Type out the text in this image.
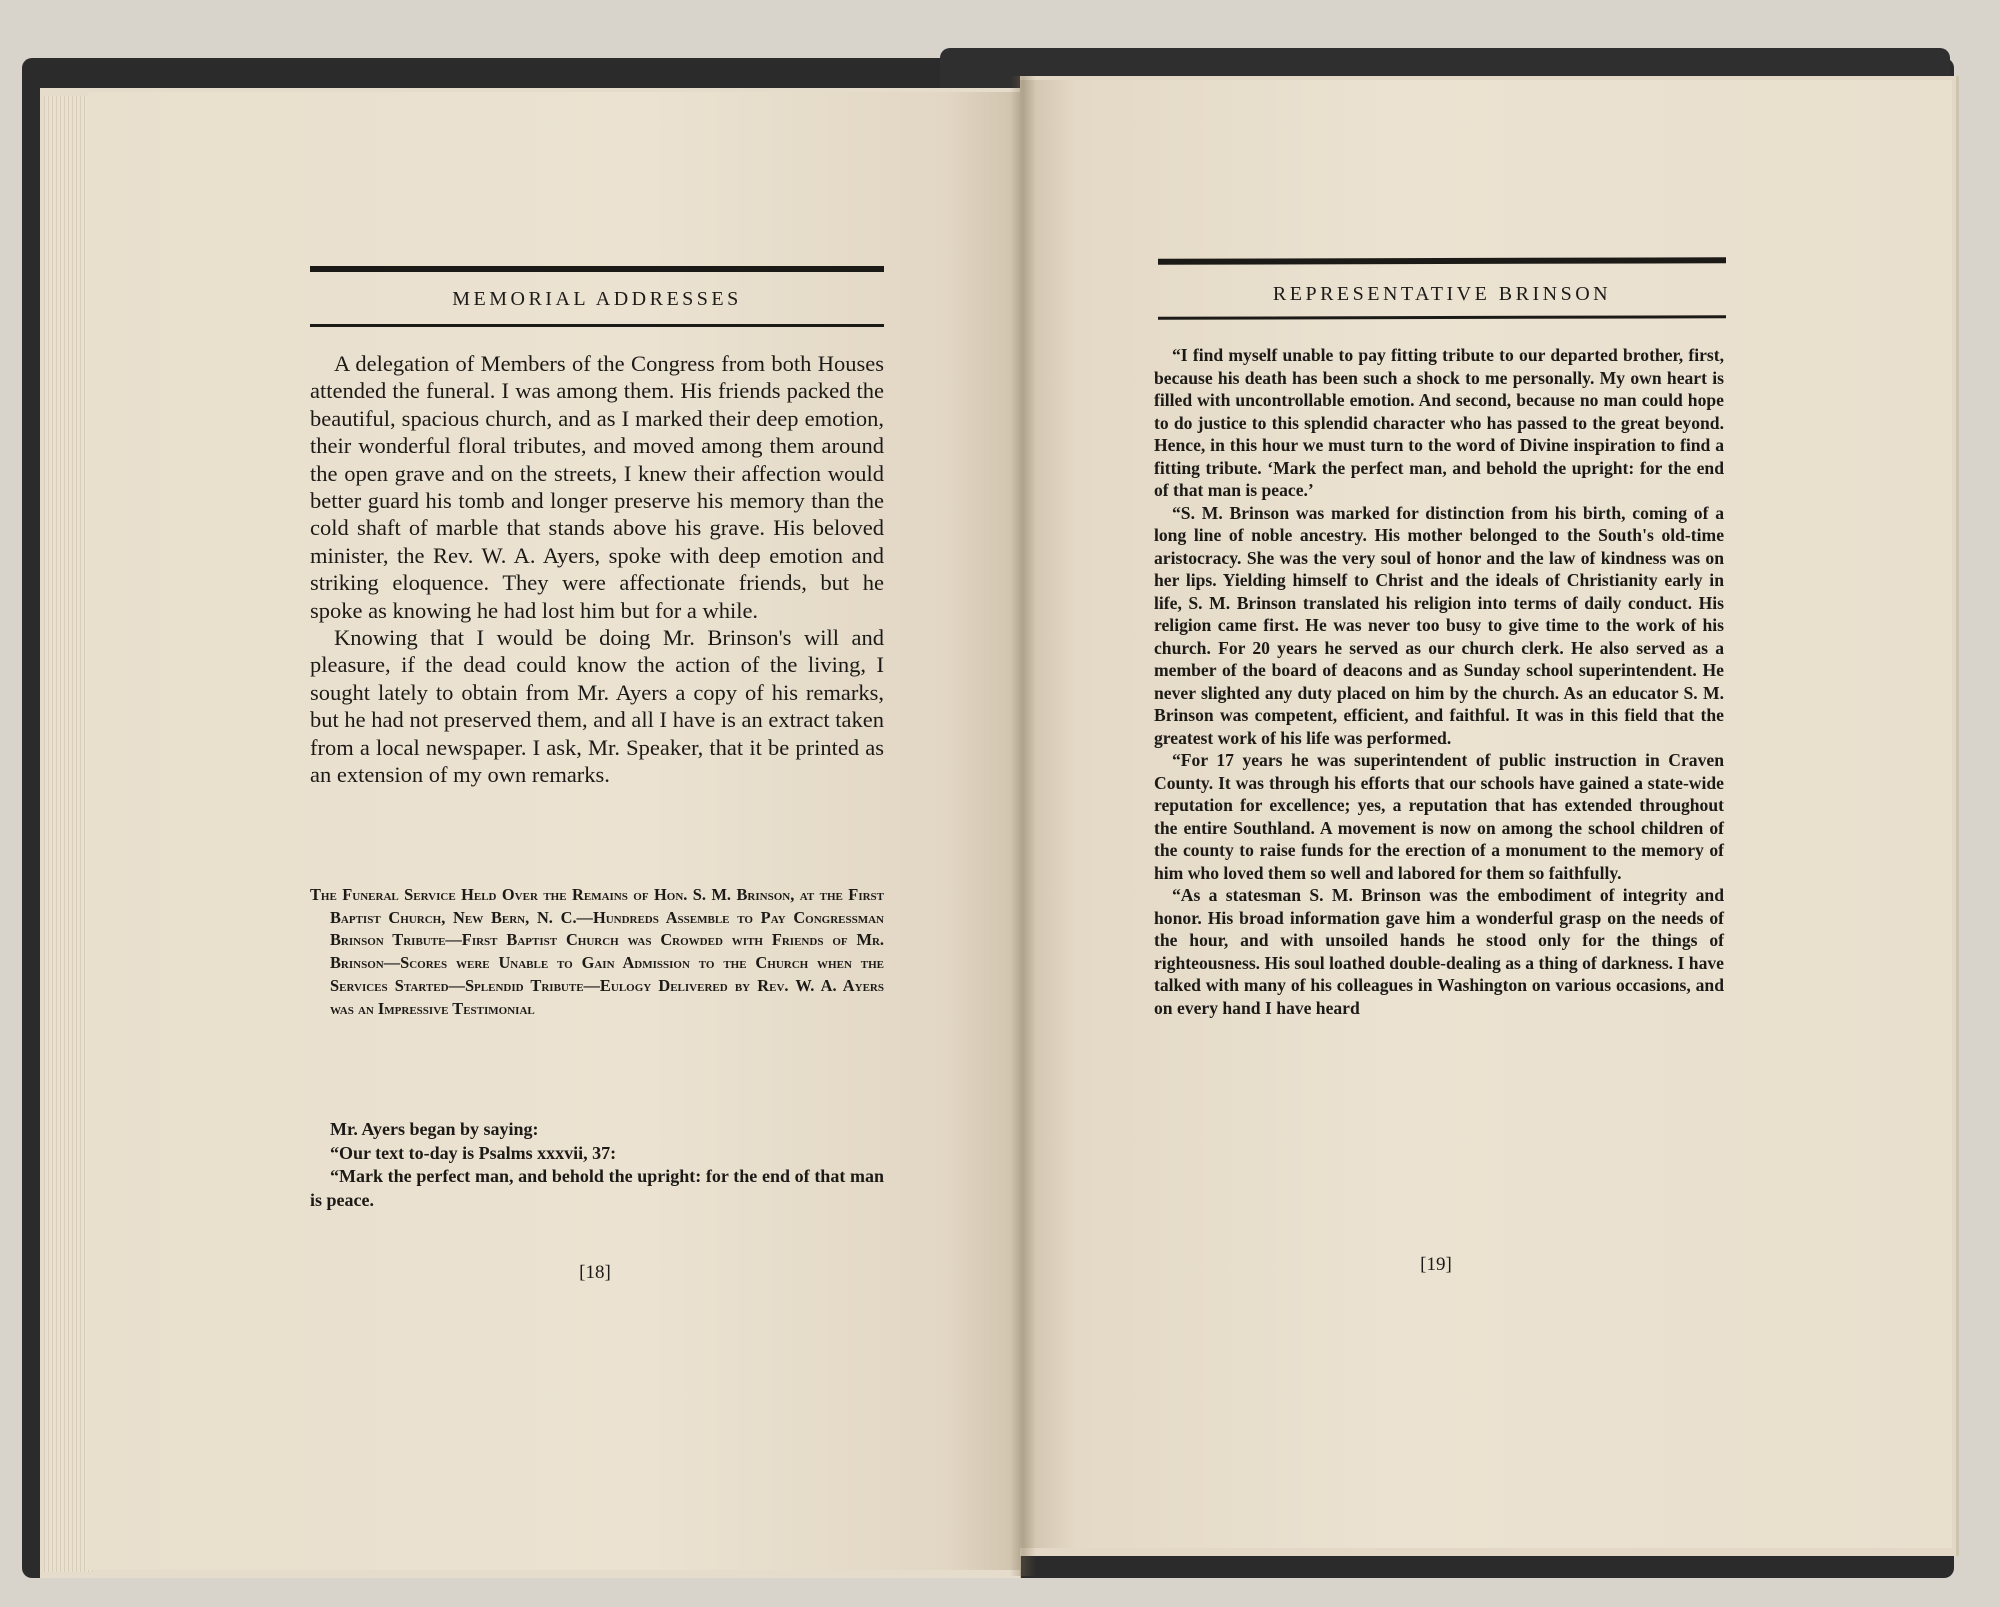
MEMORIAL ADDRESSES

A delegation of Members of the Congress from both Houses attended the funeral. I was among them. His friends packed the beautiful, spacious church, and as I marked their deep emotion, their wonderful floral tributes, and moved among them around the open grave and on the streets, I knew their affection would better guard his tomb and longer preserve his memory than the cold shaft of marble that stands above his grave. His beloved minister, the Rev. W. A. Ayers, spoke with deep emotion and striking eloquence. They were affectionate friends, but he spoke as knowing he had lost him but for a while.

Knowing that I would be doing Mr. Brinson's will and pleasure, if the dead could know the action of the living, I sought lately to obtain from Mr. Ayers a copy of his remarks, but he had not preserved them, and all I have is an extract taken from a local newspaper. I ask, Mr. Speaker, that it be printed as an extension of my own remarks.

The Funeral Service Held Over the Remains of Hon. S. M. Brinson, at the First Baptist Church, New Bern, N. C.—Hundreds Assemble to Pay Congressman Brinson Tribute—First Baptist Church was Crowded with Friends of Mr. Brinson—Scores were Unable to Gain Admission to the Church when the Services Started—Splendid Tribute—Eulogy Delivered by Rev. W. A. Ayers was an Impressive Testimonial

Mr. Ayers began by saying:

“Our text to-day is Psalms xxxvii, 37:

“Mark the perfect man, and behold the upright: for the end of that man is peace.

[18]
REPRESENTATIVE BRINSON

“I find myself unable to pay fitting tribute to our departed brother, first, because his death has been such a shock to me personally. My own heart is filled with uncontrollable emotion. And second, because no man could hope to do justice to this splendid character who has passed to the great beyond. Hence, in this hour we must turn to the word of Divine inspiration to find a fitting tribute. ‘Mark the perfect man, and behold the upright: for the end of that man is peace.’

“S. M. Brinson was marked for distinction from his birth, coming of a long line of noble ancestry. His mother belonged to the South's old-time aristocracy. She was the very soul of honor and the law of kindness was on her lips. Yielding himself to Christ and the ideals of Christianity early in life, S. M. Brinson translated his religion into terms of daily conduct. His religion came first. He was never too busy to give time to the work of his church. For 20 years he served as our church clerk. He also served as a member of the board of deacons and as Sunday school superintendent. He never slighted any duty placed on him by the church. As an educator S. M. Brinson was competent, efficient, and faithful. It was in this field that the greatest work of his life was performed.

“For 17 years he was superintendent of public instruction in Craven County. It was through his efforts that our schools have gained a state-wide reputation for excellence; yes, a reputation that has extended throughout the entire Southland. A movement is now on among the school children of the county to raise funds for the erection of a monument to the memory of him who loved them so well and labored for them so faithfully.

“As a statesman S. M. Brinson was the embodiment of integrity and honor. His broad information gave him a wonderful grasp on the needs of the hour, and with unsoiled hands he stood only for the things of righteousness. His soul loathed double-dealing as a thing of darkness. I have talked with many of his colleagues in Washington on various occasions, and on every hand I have heard

[19]
